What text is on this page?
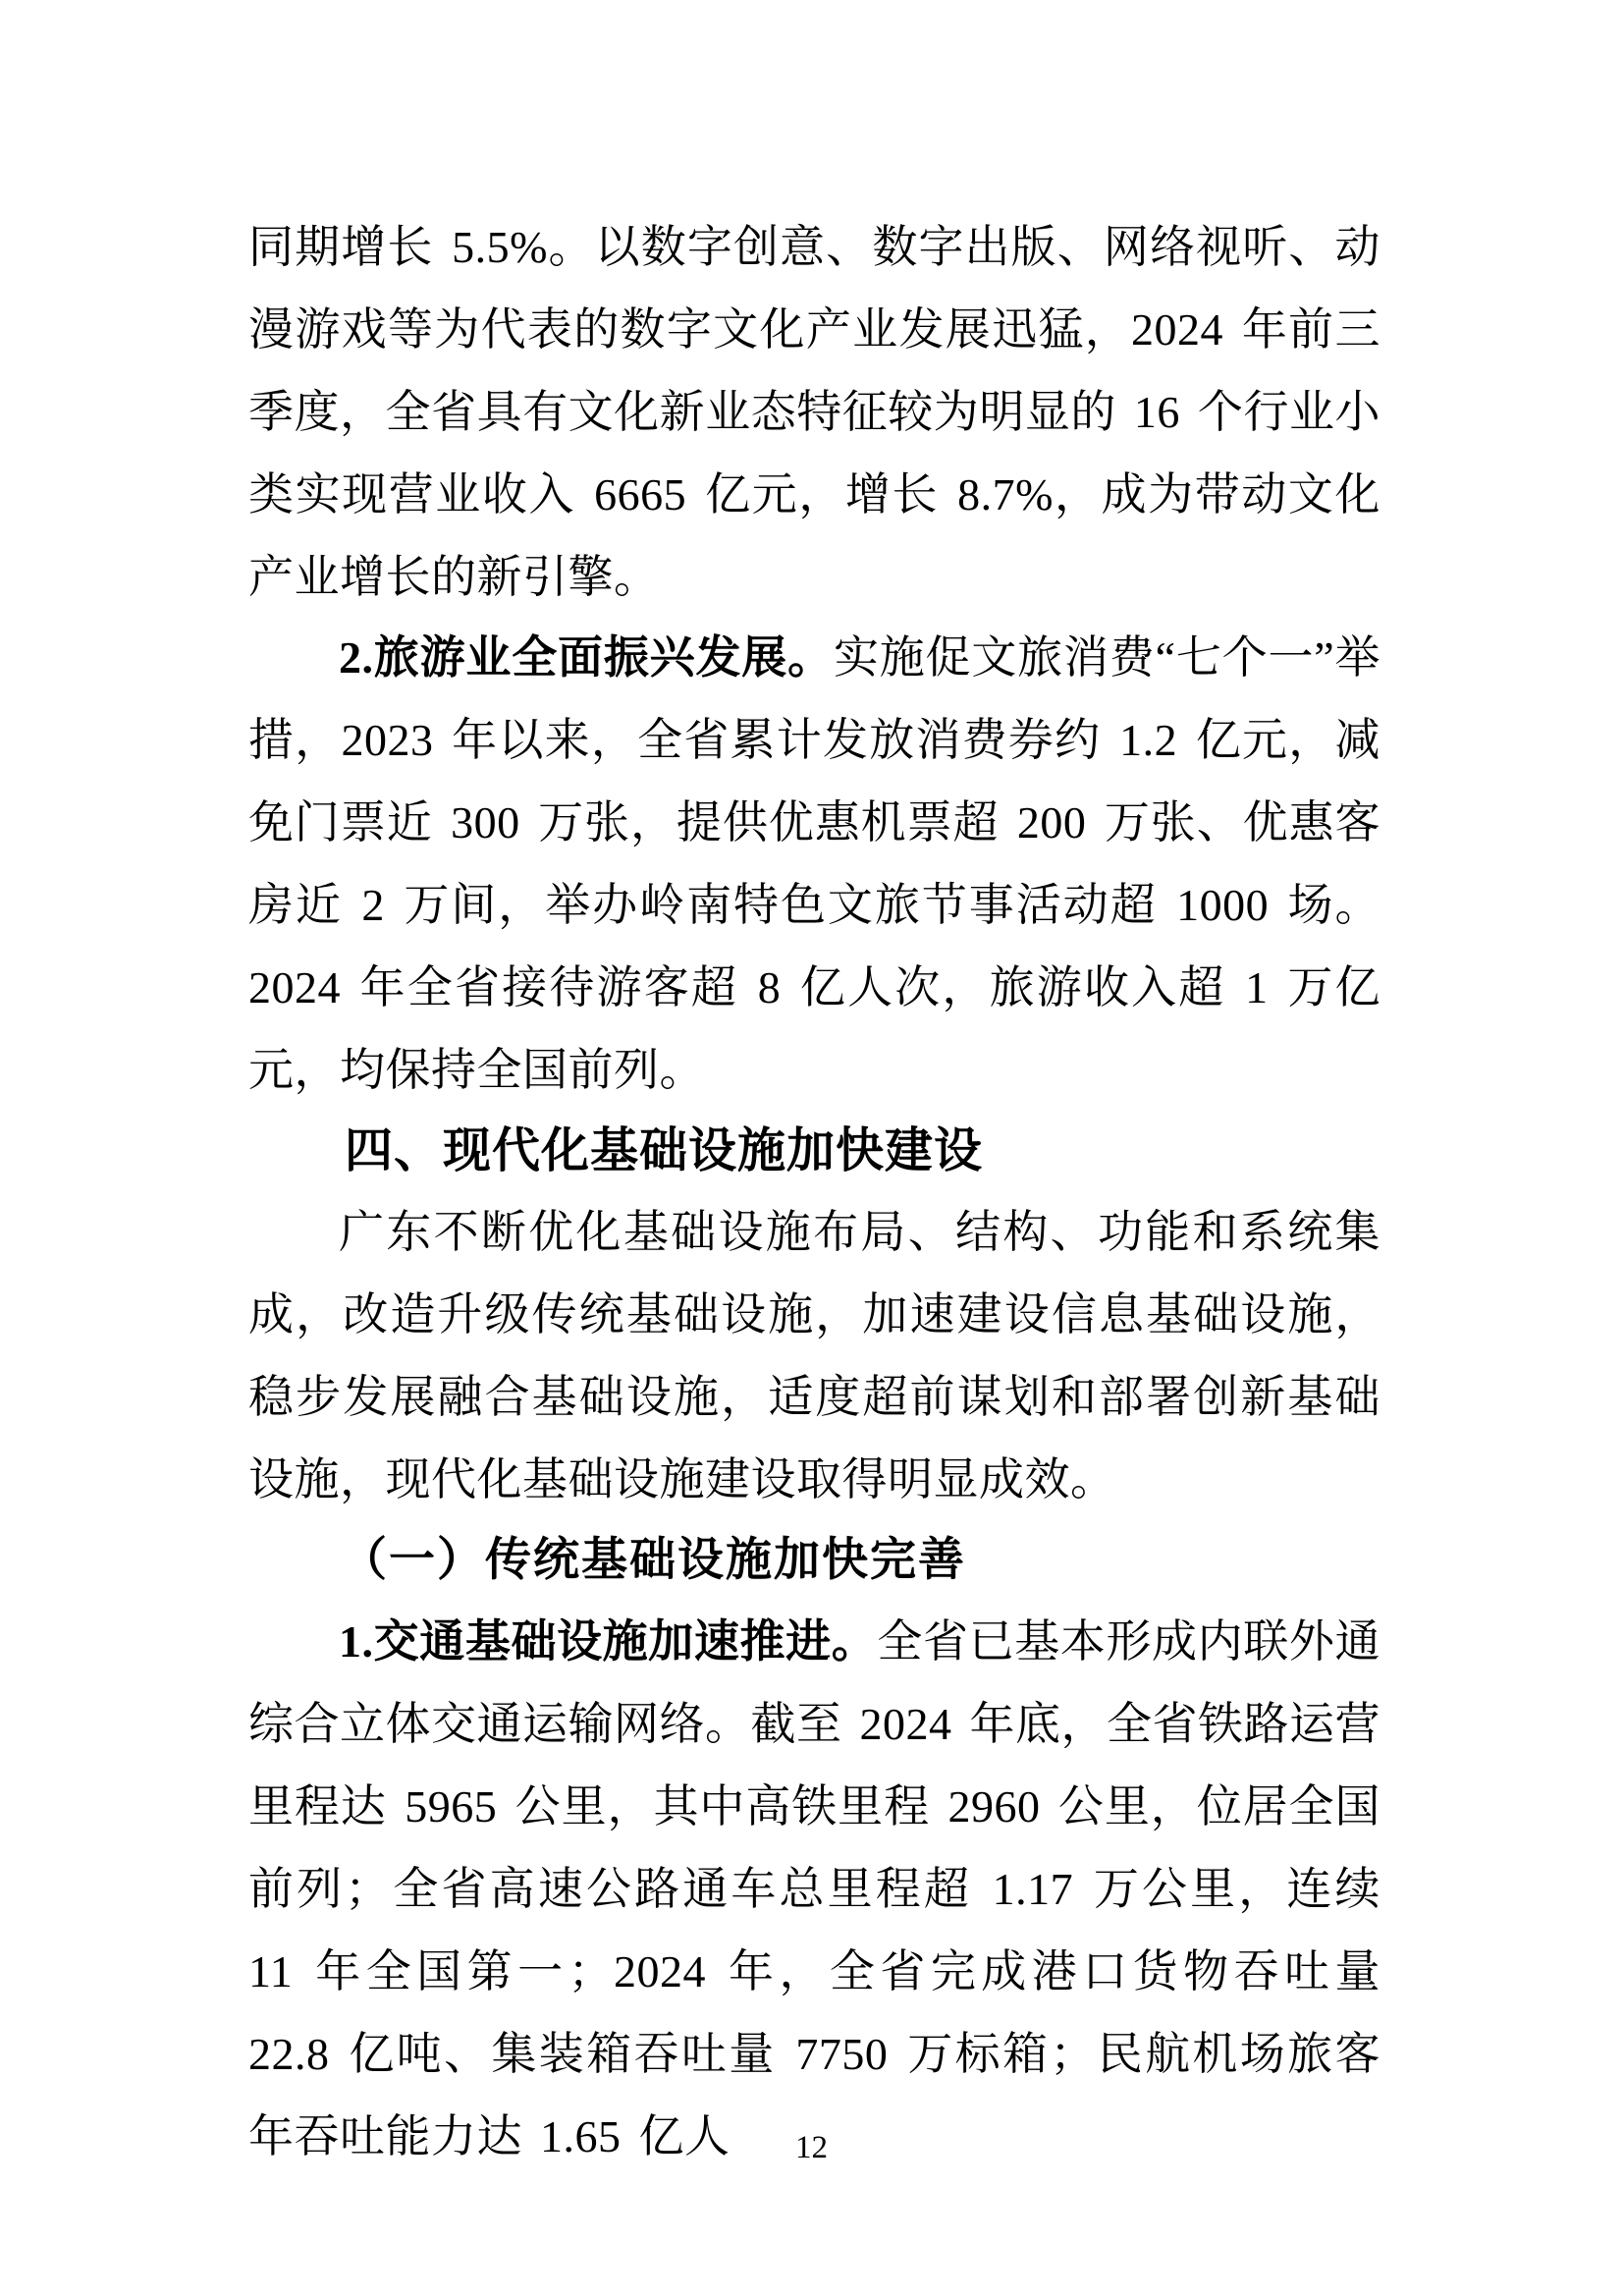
同期增长 5.5%。以数字创意、数字出版、网络视听、动漫游戏等为代表的数字文化产业发展迅猛，2024 年前三季度，全省具有文化新业态特征较为明显的 16 个行业小类实现营业收入 6665 亿元，增长 8.7%，成为带动文化产业增长的新引擎。

2.旅游业全面振兴发展。实施促文旅消费“七个一”举措，2023 年以来，全省累计发放消费券约 1.2 亿元，减免门票近 300 万张，提供优惠机票超 200 万张、优惠客房近 2 万间，举办岭南特色文旅节事活动超 1000 场。2024 年全省接待游客超 8 亿人次，旅游收入超 1 万亿元，均保持全国前列。

四、现代化基础设施加快建设

广东不断优化基础设施布局、结构、功能和系统集成，改造升级传统基础设施，加速建设信息基础设施，稳步发展融合基础设施，适度超前谋划和部署创新基础设施，现代化基础设施建设取得明显成效。

（一）传统基础设施加快完善

1.交通基础设施加速推进。全省已基本形成内联外通综合立体交通运输网络。截至 2024 年底，全省铁路运营里程达 5965 公里，其中高铁里程 2960 公里，位居全国前列；全省高速公路通车总里程超 1.17 万公里，连续 11 年全国第一；2024 年，全省完成港口货物吞吐量 22.8 亿吨、集装箱吞吐量 7750 万标箱；民航机场旅客年吞吐能力达 1.65 亿人	12
